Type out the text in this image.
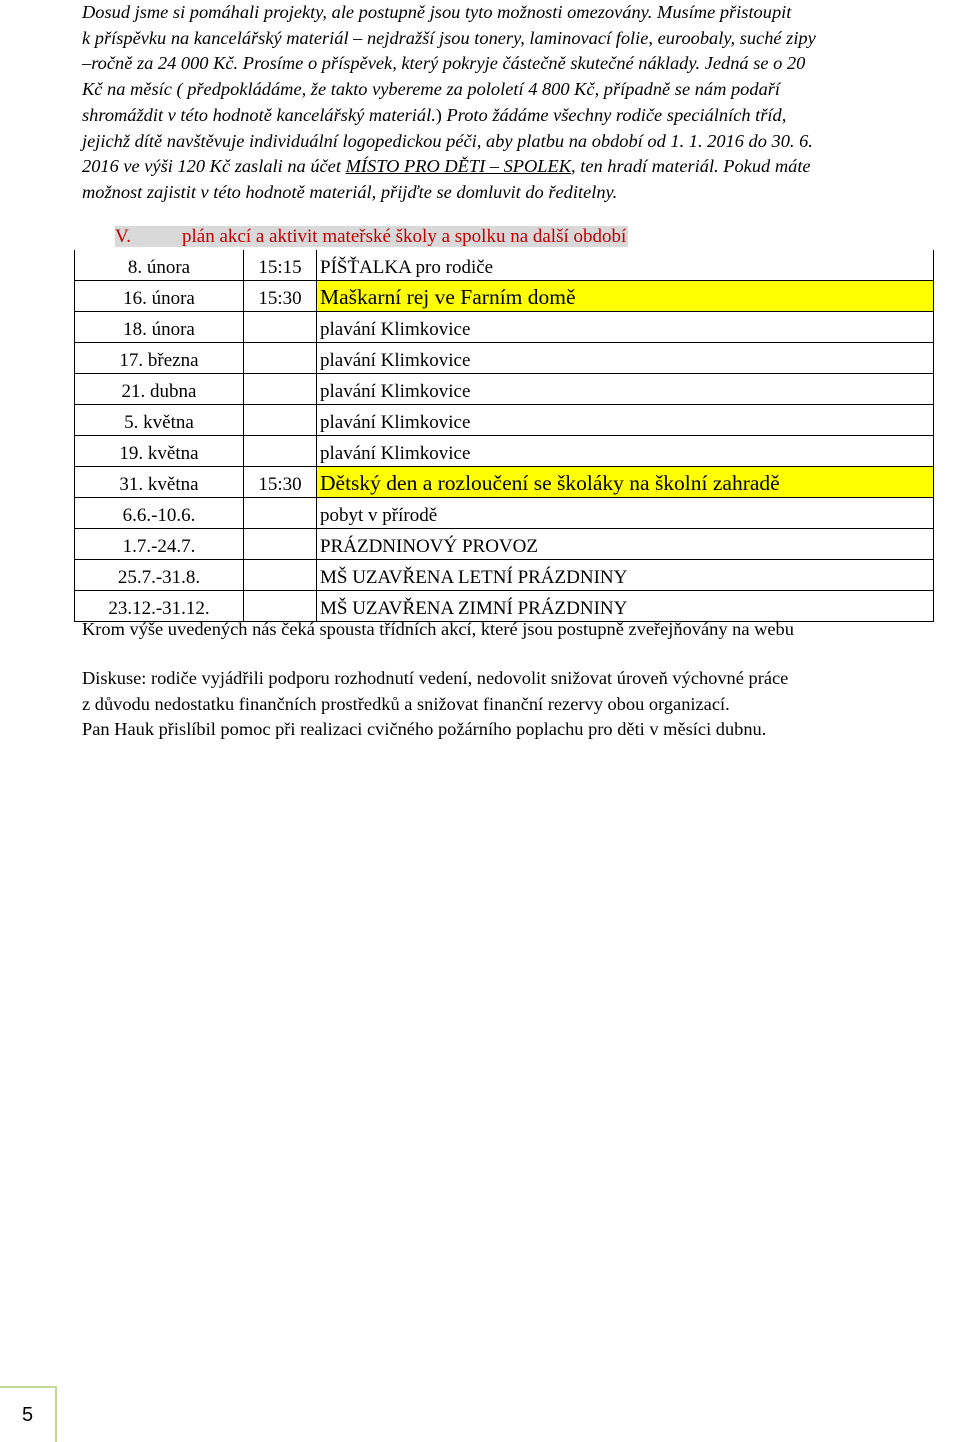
Dosud jsme si pomáhali projekty, ale postupně jsou tyto možnosti omezovány. Musíme přistoupit
k příspěvku na kancelářský materiál – nejdražší jsou tonery, laminovací folie, euroobaly, suché zipy
–ročně za 24 000 Kč. Prosíme o příspěvek, který pokryje částečně skutečné náklady. Jedná se o 20
Kč na měsíc ( předpokládáme, že takto vybereme za pololetí 4 800 Kč, případně se nám podaří
shromáždit v této hodnotě kancelářský materiál.) Proto žádáme všechny rodiče speciálních tříd,
jejichž dítě navštěvuje individuální logopedickou péči, aby platbu na období od 1. 1. 2016 do 30. 6.
2016 ve výši 120 Kč zaslali na účet MÍSTO PRO DĚTI – SPOLEK, ten hradí materiál. Pokud máte
možnost zajistit v této hodnotě materiál, přijďte se domluvit do ředitelny.
V.	plán akcí a aktivit mateřské školy a spolku na další období
8. února	15:15	PÍŠŤALKA pro rodiče
16. února	15:30	Maškarní rej ve Farním domě
18. února		plavání Klimkovice
17. března		plavání Klimkovice
21. dubna		plavání Klimkovice
5. května		plavání Klimkovice
19. května		plavání Klimkovice
31. května	15:30	Dětský den a rozloučení se školáky na školní zahradě
6.6.-10.6.		pobyt v přírodě
1.7.-24.7.		PRÁZDNINOVÝ PROVOZ
25.7.-31.8.		MŠ UZAVŘENA LETNÍ PRÁZDNINY
23.12.-31.12.		MŠ UZAVŘENA ZIMNÍ PRÁZDNINY
Krom výše uvedených nás čeká spousta třídních akcí, které jsou postupně zveřejňovány na webu
Diskuse: rodiče vyjádřili podporu rozhodnutí vedení, nedovolit snižovat úroveň výchovné práce
z důvodu nedostatku finančních prostředků a snižovat finanční rezervy obou organizací.
Pan Hauk přislíbil pomoc při realizaci cvičného požárního poplachu pro děti v měsíci dubnu.
5
